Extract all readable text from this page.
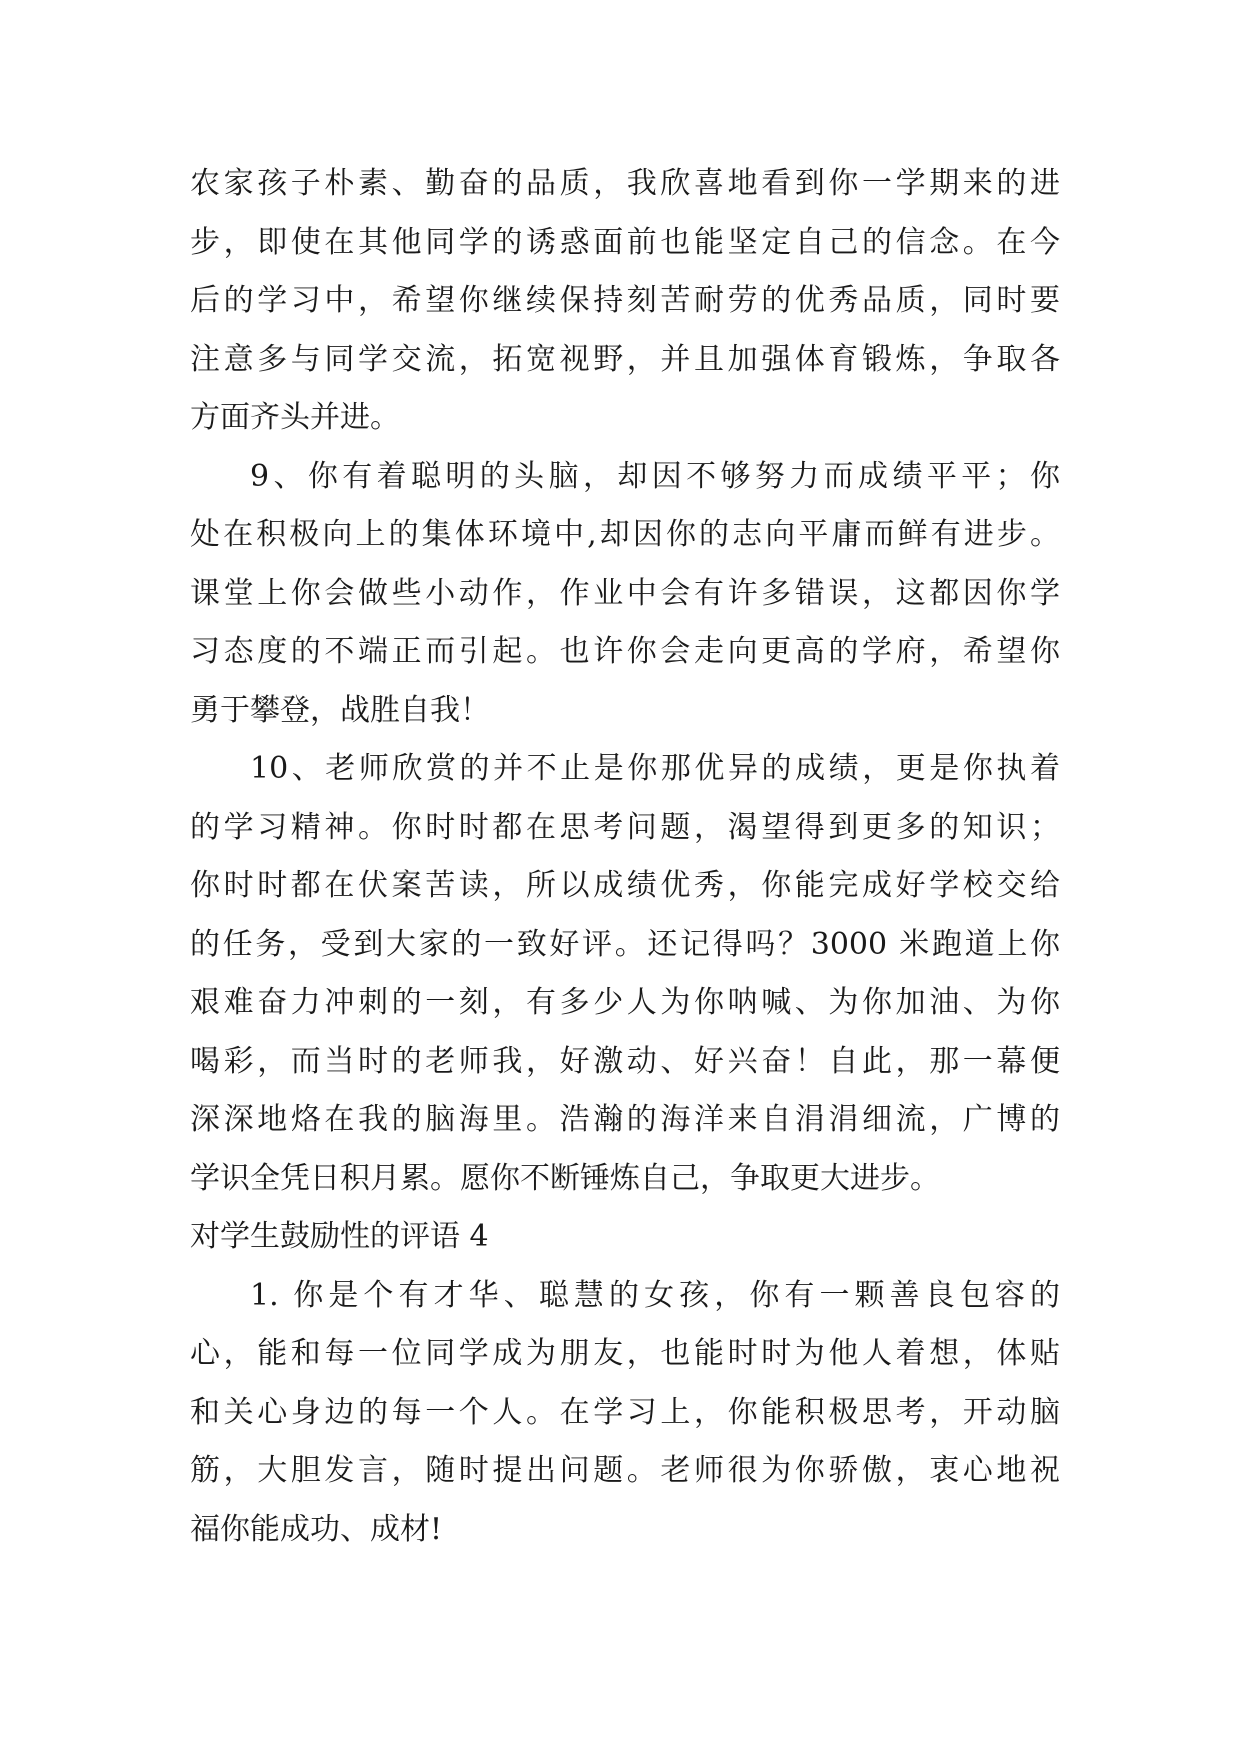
农家孩子朴素、勤奋的品质，我欣喜地看到你一学期来的进
步，即使在其他同学的诱惑面前也能坚定自己的信念。在今
后的学习中，希望你继续保持刻苦耐劳的优秀品质，同时要
注意多与同学交流，拓宽视野，并且加强体育锻炼，争取各
方面齐头并进。
9、你有着聪明的头脑，却因不够努力而成绩平平；你
处在积极向上的集体环境中,却因你的志向平庸而鲜有进步。
课堂上你会做些小动作，作业中会有许多错误，这都因你学
习态度的不端正而引起。也许你会走向更高的学府，希望你
勇于攀登，战胜自我！
10、老师欣赏的并不止是你那优异的成绩，更是你执着
的学习精神。你时时都在思考问题，渴望得到更多的知识；
你时时都在伏案苦读，所以成绩优秀，你能完成好学校交给
的任务，受到大家的一致好评。还记得吗？3000 米跑道上你
艰难奋力冲刺的一刻，有多少人为你呐喊、为你加油、为你
喝彩，而当时的老师我，好激动、好兴奋！自此，那一幕便
深深地烙在我的脑海里。浩瀚的海洋来自涓涓细流，广博的
学识全凭日积月累。愿你不断锤炼自己，争取更大进步。
对学生鼓励性的评语 4
1. 你是个有才华、聪慧的女孩，你有一颗善良包容的
心，能和每一位同学成为朋友，也能时时为他人着想，体贴
和关心身边的每一个人。在学习上，你能积极思考，开动脑
筋，大胆发言，随时提出问题。老师很为你骄傲，衷心地祝
福你能成功、成材!
